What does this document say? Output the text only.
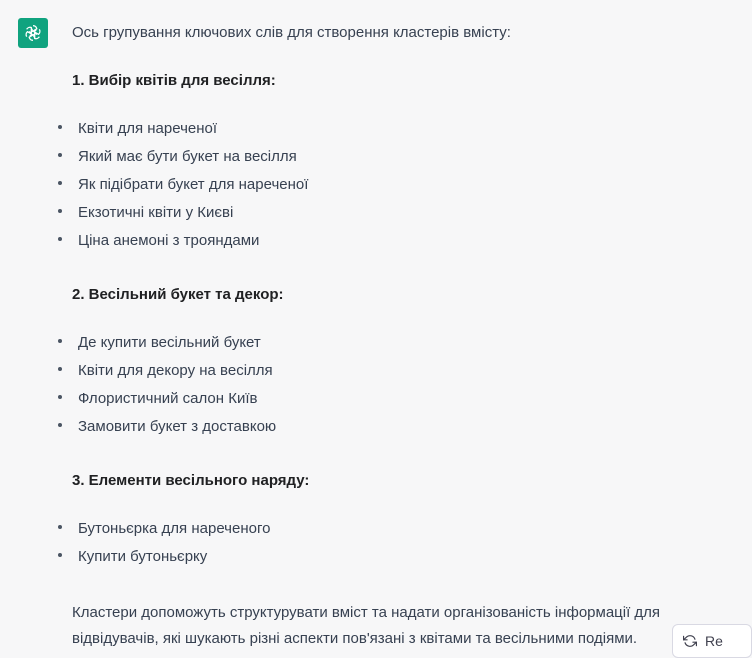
Ось групування ключових слів для створення кластерів вмісту:

1. Вибір квітів для весілля:
Квіти для нареченої
Який має бути букет на весілля
Як підібрати букет для нареченої
Екзотичні квіти у Києві
Ціна анемоні з трояндами
2. Весільний букет та декор:
Де купити весільний букет
Квіти для декору на весілля
Флористичний салон Київ
Замовити букет з доставкою
3. Елементи весільного наряду:
Бутоньєрка для нареченого
Купити бутоньєрку

Кластери допоможуть структурувати вміст та надати організованість інформації для відвідувачів, які шукають різні аспекти пов'язані з квітами та весільними подіями.	Re
